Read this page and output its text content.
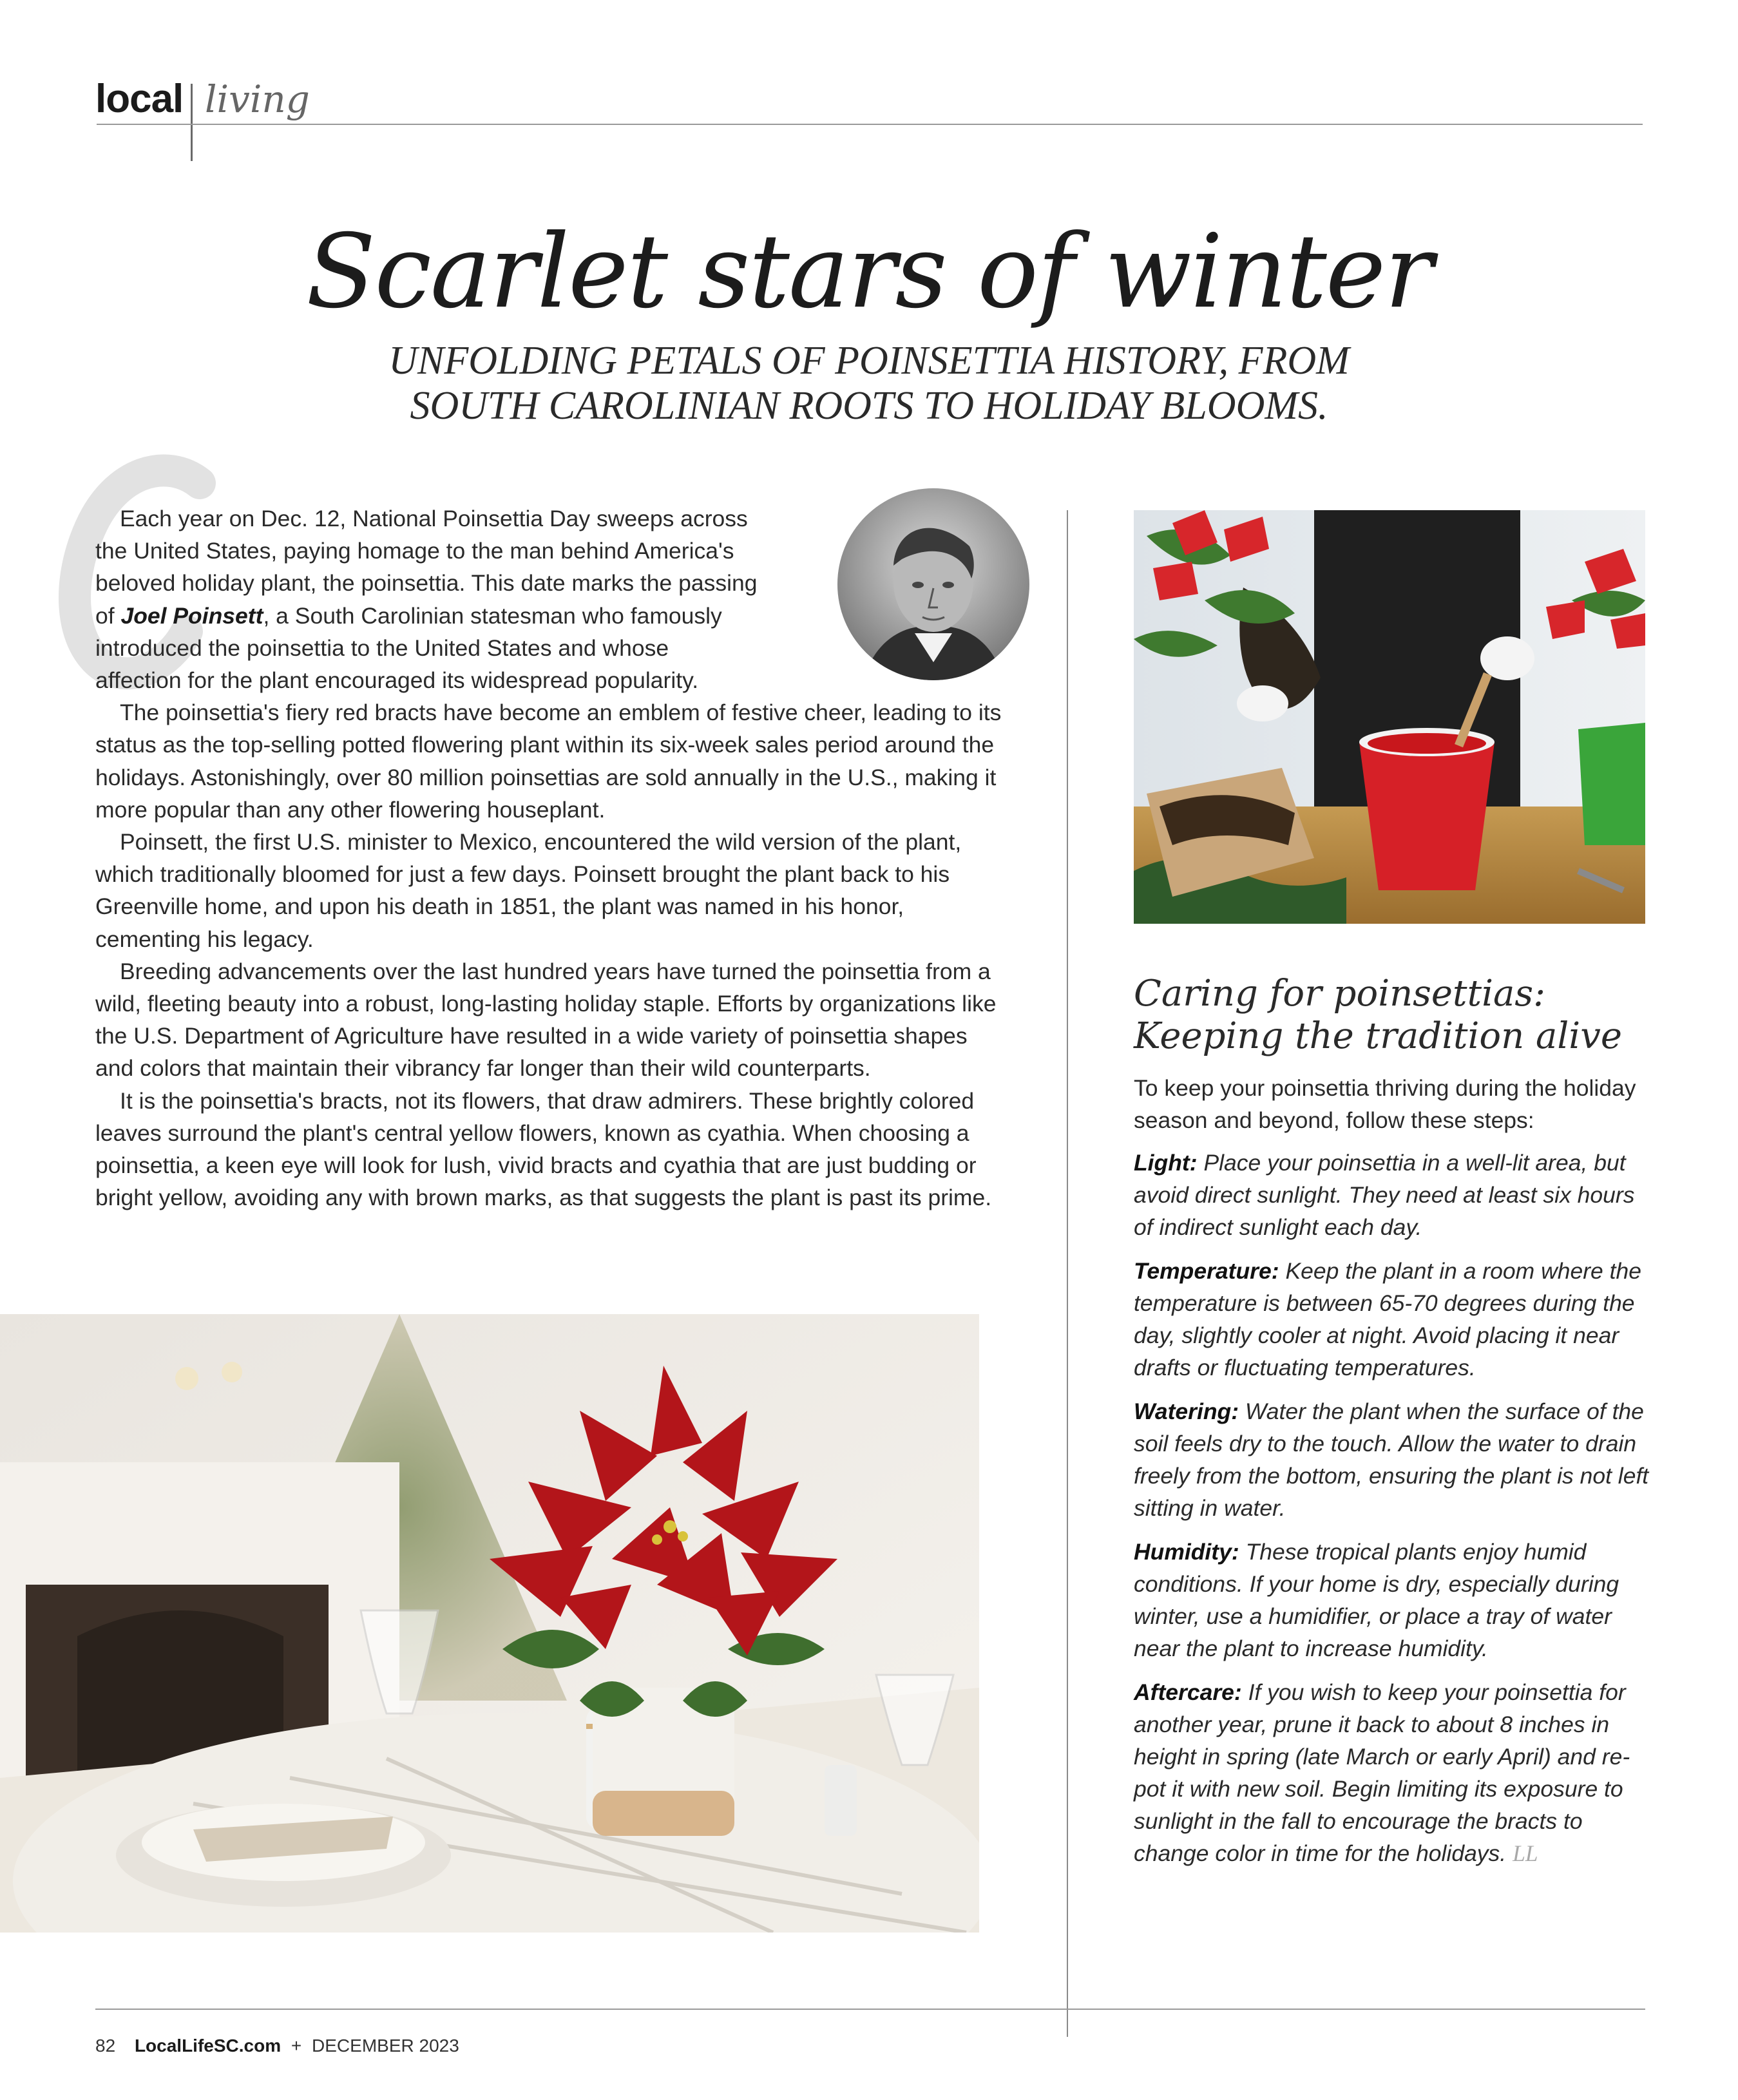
local living
Scarlet stars of winter
UNFOLDING PETALS OF POINSETTIA HISTORY, FROM
SOUTH CAROLINIAN ROOTS TO HOLIDAY BLOOMS.
Each year on Dec. 12, National Poinsettia Day sweeps across
the United States, paying homage to the man behind America's
beloved holiday plant, the poinsettia. This date marks the passing
of Joel Poinsett, a South Carolinian statesman who famously
introduced the poinsettia to the United States and whose
affection for the plant encouraged its widespread popularity.

The poinsettia's fiery red bracts have become an emblem of festive cheer, leading to its status as the top-selling potted flowering plant within its six-week sales period around the holidays. Astonishingly, over 80 million poinsettias are sold annually in the U.S., making it more popular than any other flowering houseplant.

Poinsett, the first U.S. minister to Mexico, encountered the wild version of the plant, which traditionally bloomed for just a few days. Poinsett brought the plant back to his Greenville home, and upon his death in 1851, the plant was named in his honor, cementing his legacy.

Breeding advancements over the last hundred years have turned the poinsettia from a wild, fleeting beauty into a robust, long-lasting holiday staple. Efforts by organizations like the U.S. Department of Agriculture have resulted in a wide variety of poinsettia shapes and colors that maintain their vibrancy far longer than their wild counterparts.

It is the poinsettia's bracts, not its flowers, that draw admirers. These brightly colored leaves surround the plant's central yellow flowers, known as cyathia. When choosing a poinsettia, a keen eye will look for lush, vivid bracts and cyathia that are just budding or bright yellow, avoiding any with brown marks, as that suggests the plant is past its prime.

Caring for poinsettias:
Keeping the tradition alive

To keep your poinsettia thriving during the holiday season and beyond, follow these steps:

Light: Place your poinsettia in a well-lit area, but avoid direct sunlight. They need at least six hours of indirect sunlight each day.

Temperature: Keep the plant in a room where the temperature is between 65-70 degrees during the day, slightly cooler at night. Avoid placing it near drafts or fluctuating temperatures.

Watering: Water the plant when the surface of the soil feels dry to the touch. Allow the water to drain freely from the bottom, ensuring the plant is not left sitting in water.

Humidity: These tropical plants enjoy humid conditions. If your home is dry, especially during winter, use a humidifier, or place a tray of water near the plant to increase humidity.

Aftercare: If you wish to keep your poinsettia for another year, prune it back to about 8 inches in height in spring (late March or early April) and re-pot it with new soil. Begin limiting its exposure to sunlight in the fall to encourage the bracts to change color in time for the holidays. LL

82 LocalLifeSC.com + DECEMBER 2023
